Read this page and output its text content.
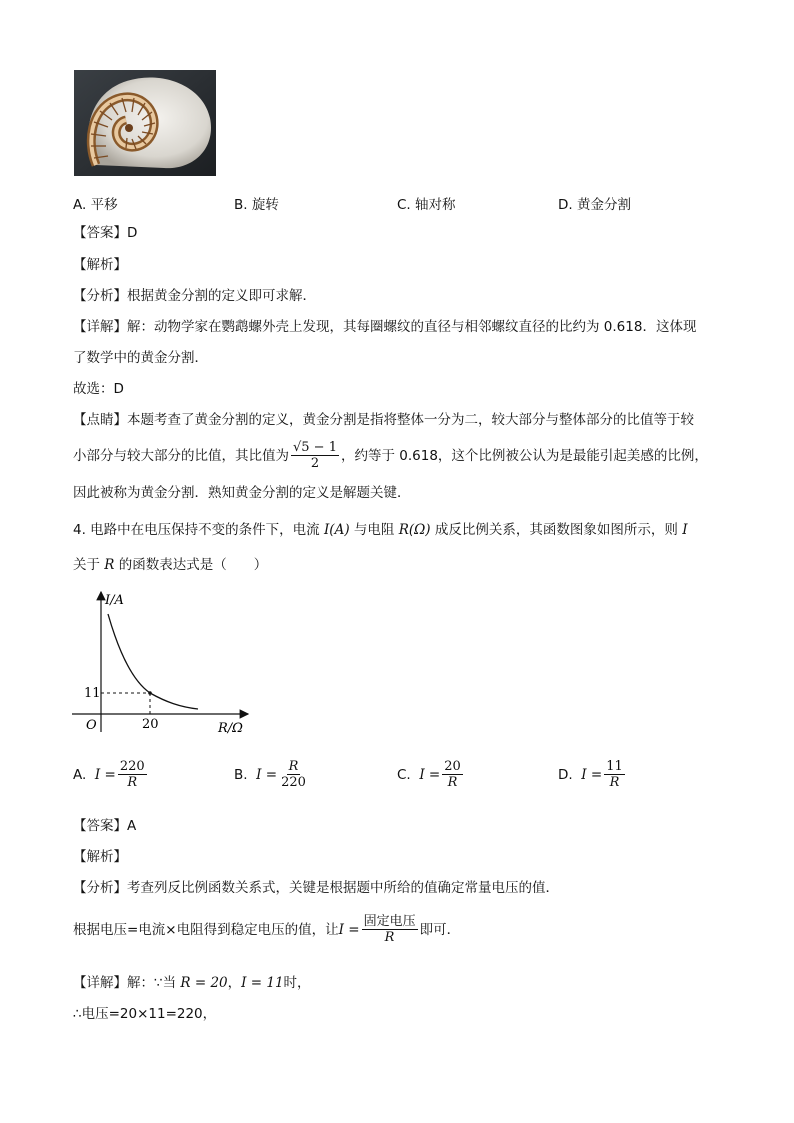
A. 平移	B. 旋转	C. 轴对称	D. 黄金分割
【答案】D
【解析】
【分析】根据黄金分割的定义即可求解．
【详解】解：动物学家在鹦鹉螺外壳上发现，其每圈螺纹的直径与相邻螺纹直径的比约为 0.618．这体现
了数学中的黄金分割．
故选：D
【点睛】本题考查了黄金分割的定义，黄金分割是指将整体一分为二，较大部分与整体部分的比值等于较
小部分与较大部分的比值，其比值为 $\frac{√5 - 1}{2}$ ，约等于 0.618，这个比例被公认为是最能引起美感的比例，
因此被称为黄金分割．熟知黄金分割的定义是解题关键．
4. 电路中在电压保持不变的条件下，电流 I(A) 与电阻 R(Ω) 成反比例关系，其函数图象如图所示，则 I
关于 R 的函数表达式是（　　）
I/A
R/Ω
O
11
20
A.
$I = \frac{220}{R}$	B.
$I = \frac{R}{220}$	C.
$I = \frac{20}{R}$	D.
$I = \frac{11}{R}$
【答案】A
【解析】
【分析】考查列反比例函数关系式，关键是根据题中所给的值确定常量电压的值．
根据电压=电流×电阻得到稳定电压的值，让 $I = \frac{\text{固定电压}}{R}$ 即可．
【详解】解：∵当 R = 20，I = 11时，
∴电压=20×11=220，
